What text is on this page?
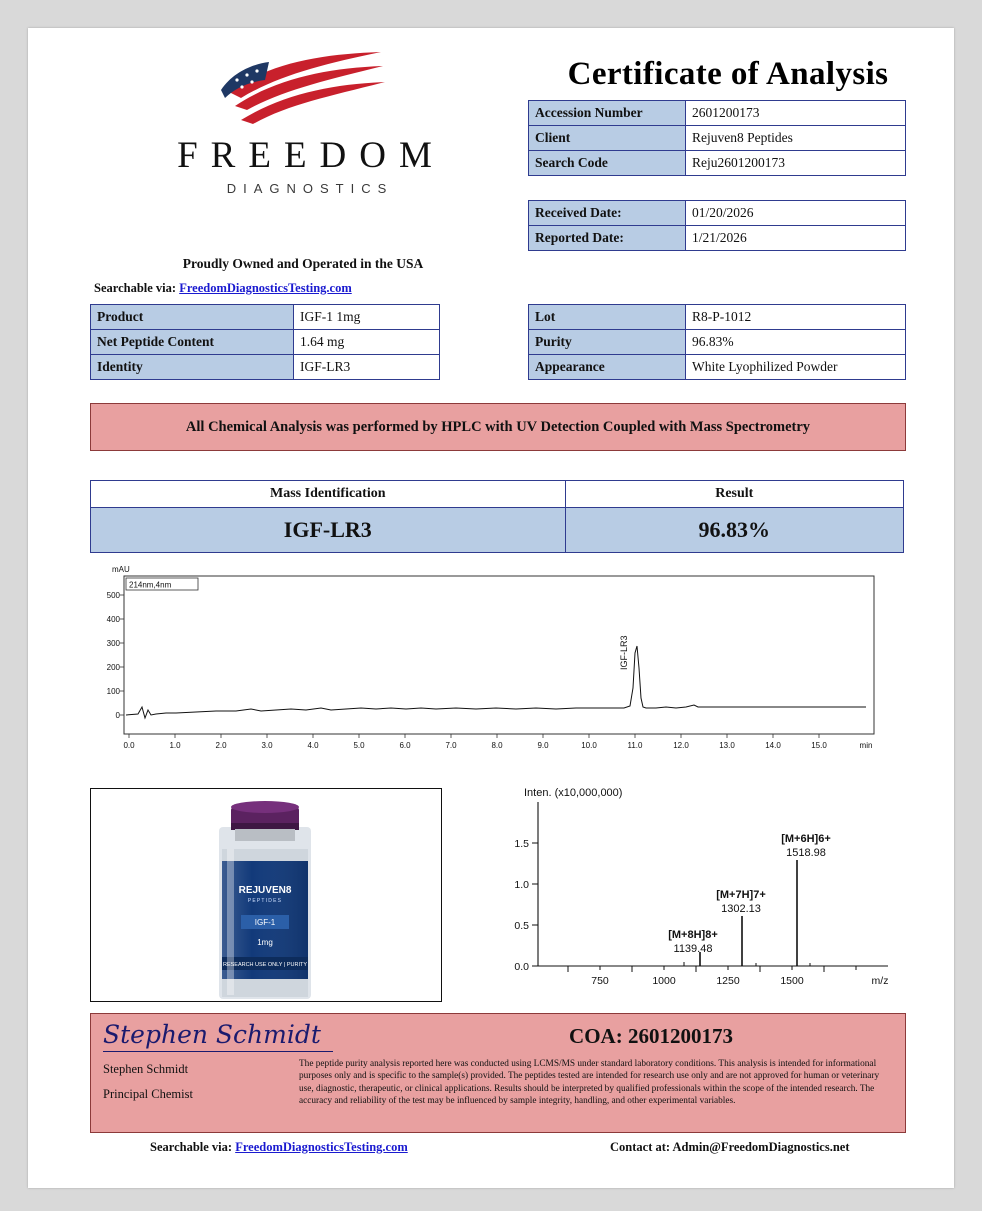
FREEDOM
DIAGNOSTICS
Proudly Owned and Operated in the USA
Searchable via: FreedomDiagnosticsTesting.com
Certificate of Analysis
Accession Number	2601200173
Client	Rejuven8 Peptides
Search Code	Reju2601200173
Received Date:	01/20/2026
Reported Date:	1/21/2026
Product	IGF-1 1mg
Net Peptide Content	1.64 mg
Identity	IGF-LR3
Lot	R8-P-1012
Purity	96.83%
Appearance	White Lyophilized Powder
All Chemical Analysis was performed by HPLC with UV Detection Coupled with Mass Spectrometry
Mass Identification	Result
IGF-LR3	96.83%
mAU
214nm,4nm
500
400
300
200
100
0
0.0	1.0	2.0	3.0	4.0	5.0	6.0	7.0	8.0	9.0	10.0	11.0	12.0	13.0	14.0	15.0	min
IGF-LR3
REJUVEN8
PEPTIDES
IGF-1
1mg
RESEARCH USE ONLY | PURITY
Inten. (x10,000,000)
0.0
0.5
1.0
1.5
750	1000	1250	1500	m/z
[M+8H]8+
[M+7H]7+
[M+6H]6+
1139.48
1302.13
1518.98
Stephen Schmidt
Stephen Schmidt
Principal Chemist
COA: 2601200173
The peptide purity analysis reported here was conducted using LCMS/MS under standard laboratory conditions. This analysis is intended for informational purposes only and is specific to the sample(s) provided. The peptides tested are intended for research use only and are not approved for human or veterinary use, diagnostic, therapeutic, or clinical applications. Results should be interpreted by qualified professionals within the scope of the intended research. The accuracy and reliability of the test may be influenced by sample integrity, handling, and other experimental variables.
Searchable via: FreedomDiagnosticsTesting.com	Contact at: Admin@FreedomDiagnostics.net
